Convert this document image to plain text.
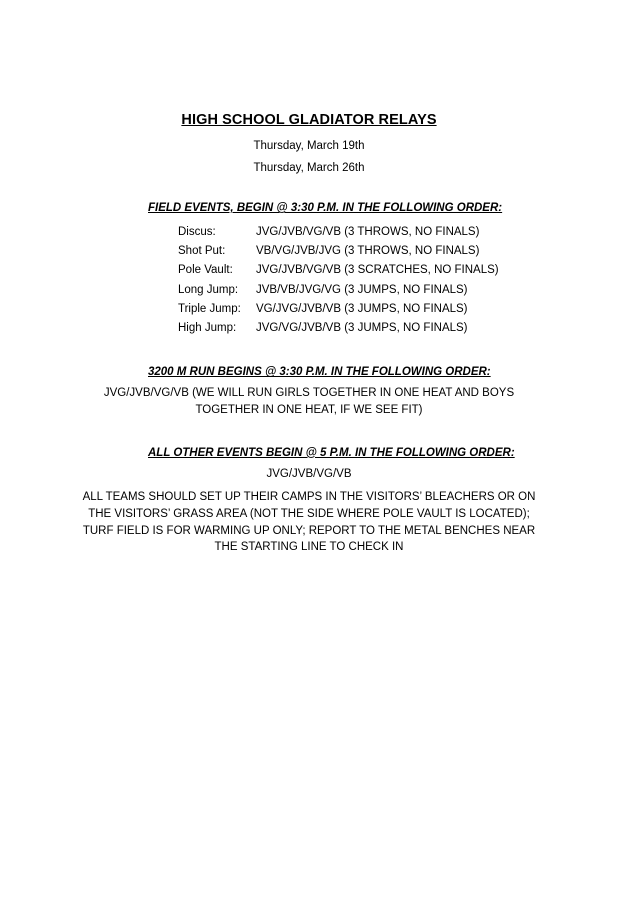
HIGH SCHOOL GLADIATOR RELAYS
Thursday, March 19th
Thursday, March 26th
FIELD EVENTS, BEGIN @ 3:30 P.M. IN THE FOLLOWING ORDER:
Discus:	JVG/JVB/VG/VB (3 THROWS, NO FINALS)
Shot Put:	VB/VG/JVB/JVG (3 THROWS, NO FINALS)
Pole Vault:	JVG/JVB/VG/VB (3 SCRATCHES, NO FINALS)
Long Jump:	JVB/VB/JVG/VG (3 JUMPS, NO FINALS)
Triple Jump:	VG/JVG/JVB/VB (3 JUMPS, NO FINALS)
High Jump:	JVG/VG/JVB/VB (3 JUMPS, NO FINALS)
3200 M RUN BEGINS @ 3:30 P.M. IN THE FOLLOWING ORDER:
JVG/JVB/VG/VB (WE WILL RUN GIRLS TOGETHER IN ONE HEAT AND BOYS TOGETHER IN ONE HEAT, IF WE SEE FIT)
ALL OTHER EVENTS BEGIN @ 5 P.M. IN THE FOLLOWING ORDER:
JVG/JVB/VG/VB
ALL TEAMS SHOULD SET UP THEIR CAMPS IN THE VISITORS’ BLEACHERS OR ON THE VISITORS’ GRASS AREA (NOT THE SIDE WHERE POLE VAULT IS LOCATED); TURF FIELD IS FOR WARMING UP ONLY; REPORT TO THE METAL BENCHES NEAR THE STARTING LINE TO CHECK IN
